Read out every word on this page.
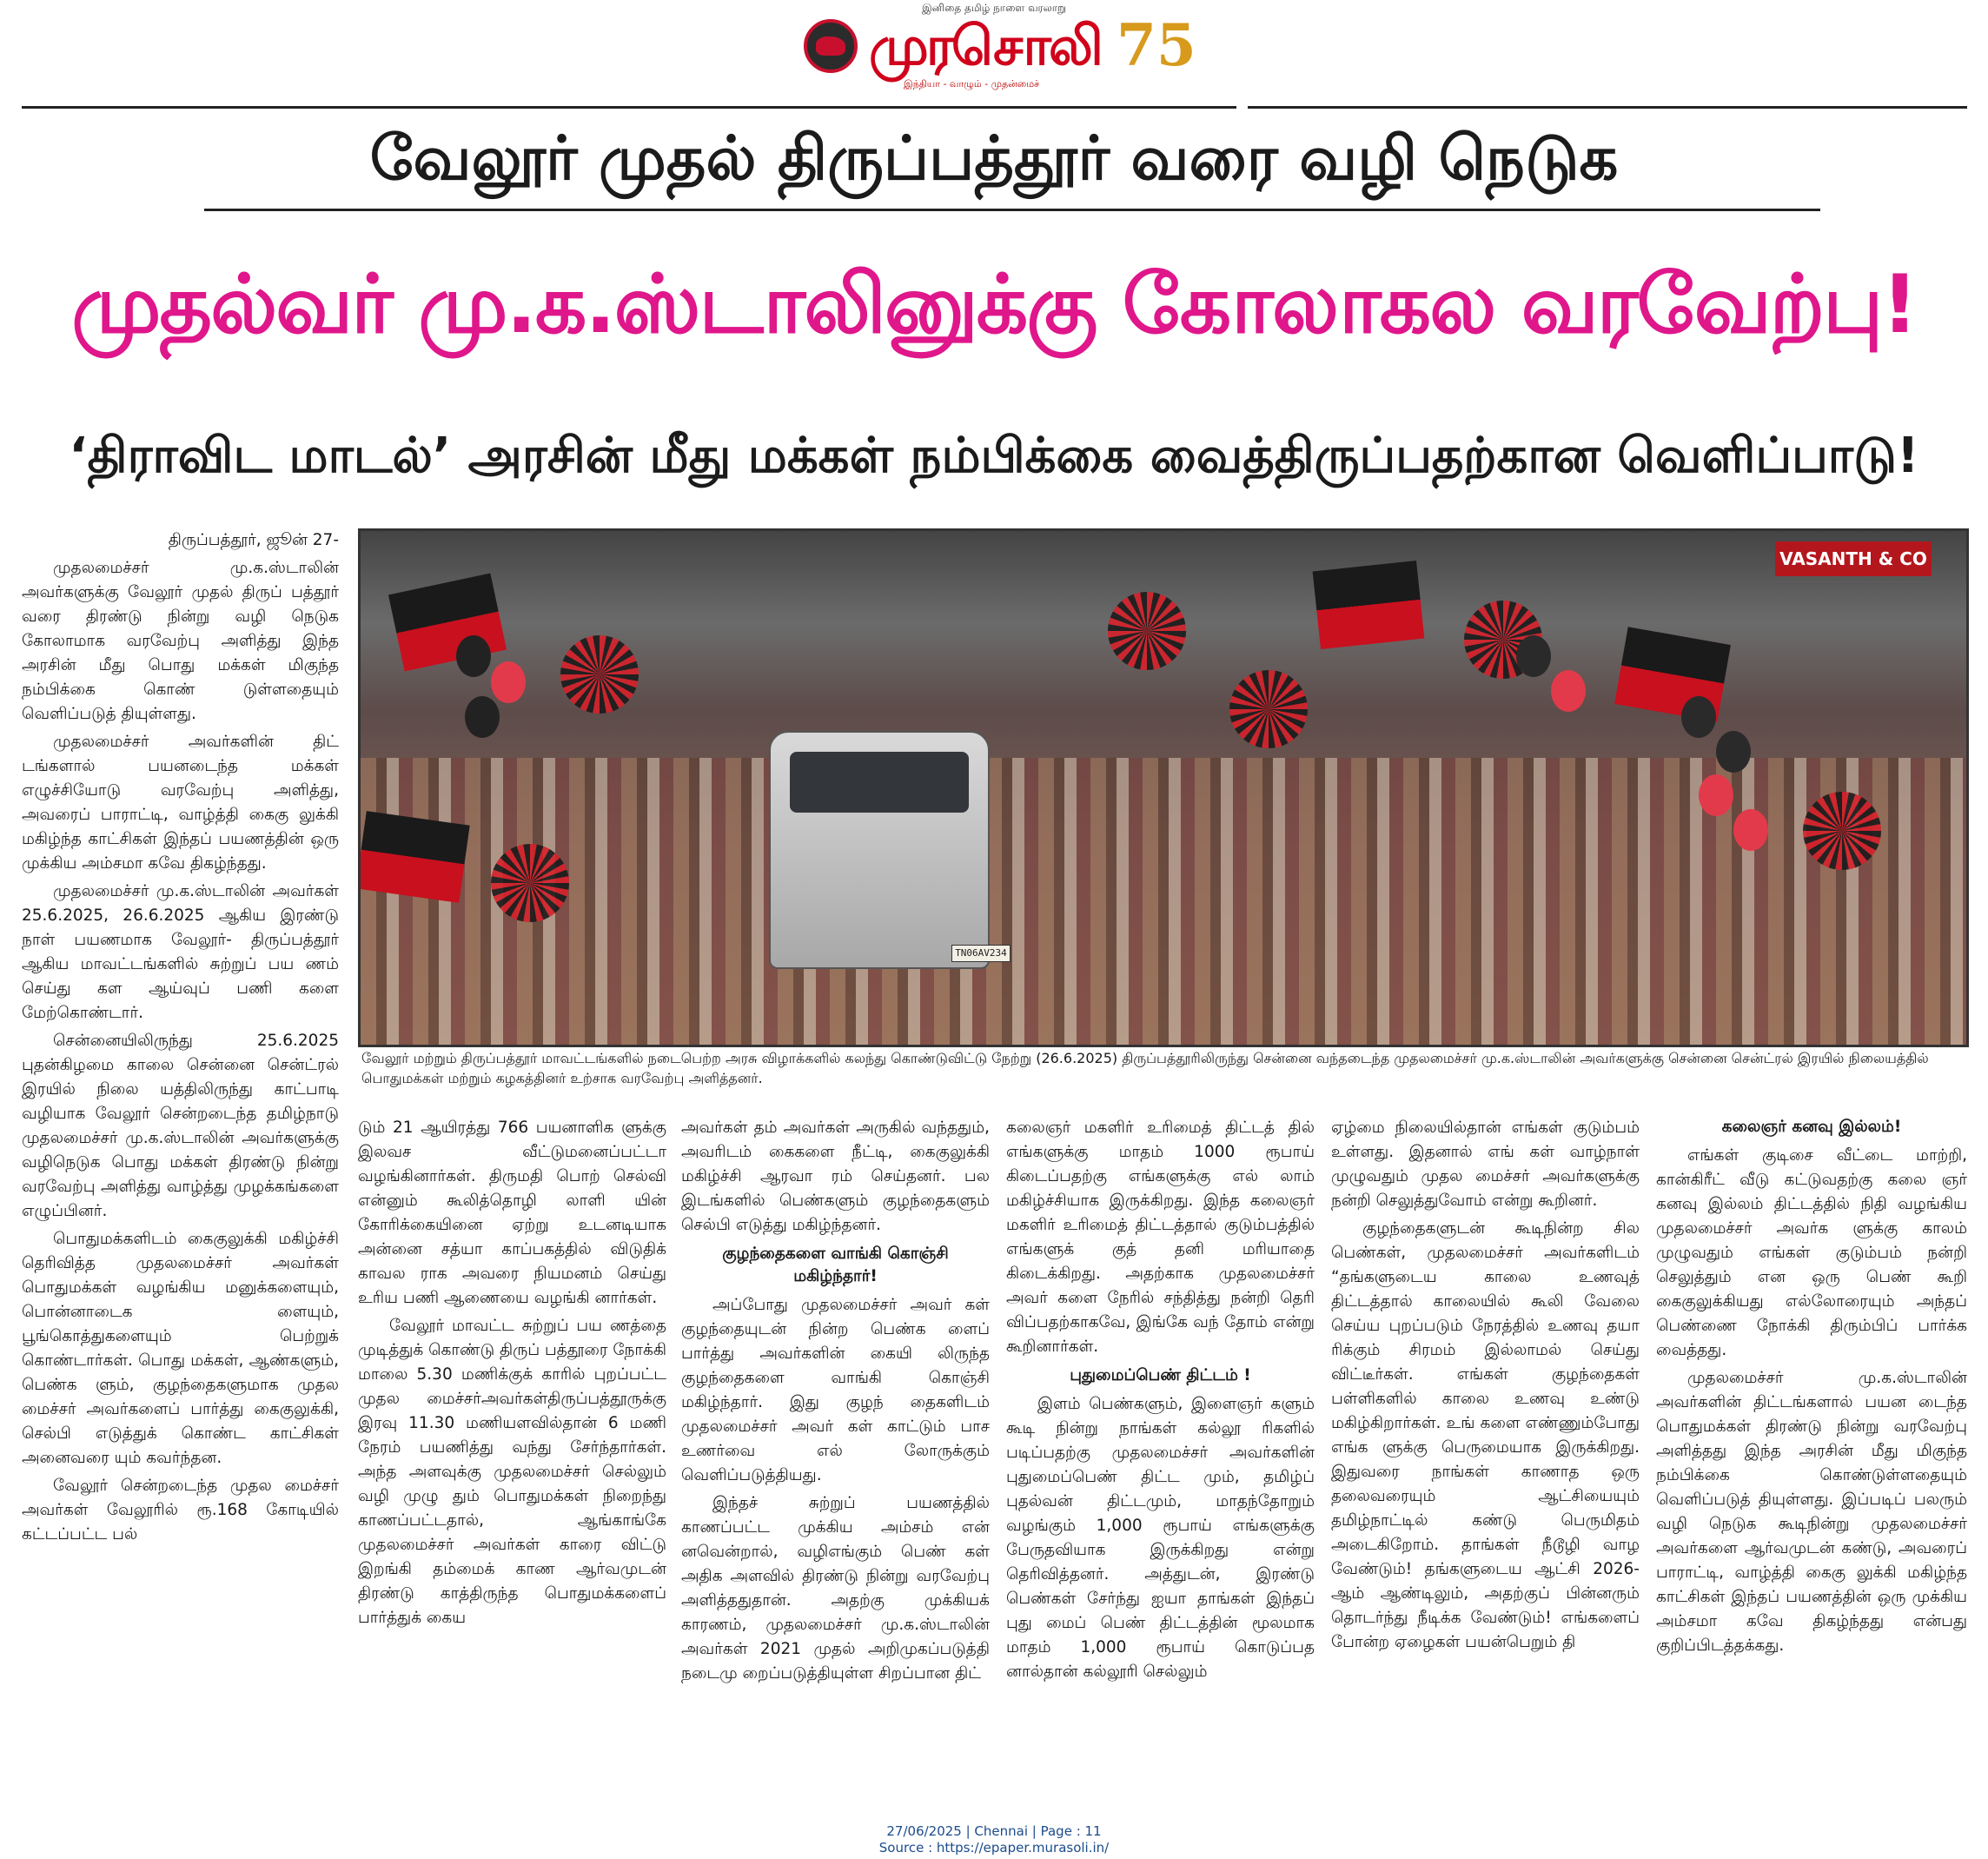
இனிதை தமிழ் நாளை வரலாறு
முரசொலி
இந்தியா - வாழும் - முதன்மைச்
75
வேலூர் முதல் திருப்பத்தூர் வரை வழி நெடுக
முதல்வர் மு.க.ஸ்டாலினுக்கு கோலாகல வரவேற்பு!
‘திராவிட மாடல்’ அரசின் மீது மக்கள் நம்பிக்கை வைத்திருப்பதற்கான வெளிப்பாடு!
TN06AV234
VASANTH & CO
வேலூர் மற்றும் திருப்பத்தூர் மாவட்டங்களில் நடைபெற்ற அரசு விழாக்களில் கலந்து கொண்டுவிட்டு நேற்று (26.6.2025) திருப்பத்தூரிலிருந்து சென்னை வந்தடைந்த முதலமைச்சர் மு.க.ஸ்டாலின் அவர்களுக்கு சென்னை சென்ட்ரல் இரயில் நிலையத்தில் பொதுமக்கள் மற்றும் கழகத்தினர் உற்சாக வரவேற்பு அளித்தனர்.

திருப்பத்தூர், ஜூன் 27-

முதலமைச்சர் மு.க.ஸ்டாலின் அவர்களுக்கு வேலூர் முதல் திருப் பத்தூர் வரை திரண்டு நின்று வழி நெடுக கோலாமாக வரவேற்பு அளித்து இந்த அரசின் மீது பொது மக்கள் மிகுந்த நம்பிக்கை கொண் டுள்ளதையும் வெளிப்படுத் தியுள்ளது.

முதலமைச்சர் அவர்களின் திட் டங்களால் பயனடைந்த மக்கள் எழுச்சியோடு வரவேற்பு அளித்து, அவரைப் பாராட்டி, வாழ்த்தி கைகு லுக்கி மகிழ்ந்த காட்சிகள் இந்தப் பயணத்தின் ஒரு முக்கிய அம்சமா கவே திகழ்ந்தது.

முதலமைச்சர் மு.க.ஸ்டாலின் அவர்கள் 25.6.2025, 26.6.2025 ஆகிய இரண்டு நாள் பயணமாக வேலூர்- திருப்பத்தூர் ஆகிய மாவட்டங்களில் சுற்றுப் பய ணம் செய்து கள ஆய்வுப் பணி களை மேற்கொண்டார்.

சென்னையிலிருந்து 25.6.2025 புதன்கிழமை காலை சென்னை சென்ட்ரல் இரயில் நிலை யத்திலிருந்து காட்பாடி வழியாக வேலூர் சென்றடைந்த தமிழ்நாடு முதலமைச்சர் மு.க.ஸ்டாலின் அவர்களுக்கு வழிநெடுக பொது மக்கள் திரண்டு நின்று வரவேற்பு அளித்து வாழ்த்து முழக்கங்களை எழுப்பினர்.

பொதுமக்களிடம் கைகுலுக்கி மகிழ்ச்சி தெரிவித்த முதலமைச்சர் அவர்கள் பொதுமக்கள் வழங்கிய மனுக்களையும், பொன்னாடைக ளையும், பூங்கொத்துகளையும் பெற்றுக் கொண்டார்கள். பொது மக்கள், ஆண்களும், பெண்க ளும், குழந்தைகளுமாக முதல மைச்சர் அவர்களைப் பார்த்து கைகுலுக்கி, செல்பி எடுத்துக் கொண்ட காட்சிகள் அனைவரை யும் கவர்ந்தன.

வேலூர் சென்றடைந்த முதல மைச்சர் அவர்கள் வேலூரில் ரூ.168 கோடியில் கட்டப்பட்ட பல்

டும் 21 ஆயிரத்து 766 பயனாளிக ளுக்கு இலவச வீட்டுமனைப்பட்டா வழங்கினார்கள். திருமதி பொற் செல்வி என்னும் கூலித்தொழி லாளி யின் கோரிக்கையினை ஏற்று உடனடியாக அன்னை சத்யா காப்பகத்தில் விடுதிக் காவல ராக அவரை நியமனம் செய்து உரிய பணி ஆணையை வழங்கி னார்கள்.

வேலூர் மாவட்ட சுற்றுப் பய ணத்தை முடித்துக் கொண்டு திருப் பத்தூரை நோக்கி மாலை 5.30 மணிக்குக் காரில் புறப்பட்ட முதல மைச்சர்அவர்கள்திருப்பத்தூருக்கு இரவு 11.30 மணியளவில்தான் 6 மணி நேரம் பயணித்து வந்து சேர்ந்தார்கள். அந்த அளவுக்கு முதலமைச்சர் செல்லும் வழி முழு தும் பொதுமக்கள் நிறைந்து காணப்பட்டதால், ஆங்காங்கே முதலமைச்சர் அவர்கள் காரை விட்டு இறங்கி தம்மைக் காண ஆர்வமுடன் திரண்டு காத்திருந்த பொதுமக்களைப் பார்த்துக் கைய

அவர்கள் தம் அவர்கள் அருகில் வந்ததும், அவரிடம் கைகளை நீட்டி, கைகுலுக்கி மகிழ்ச்சி ஆரவா ரம் செய்தனர். பல இடங்களில் பெண்களும் குழந்தைகளும் செல்பி எடுத்து மகிழ்ந்தனர்.

குழந்தைகளை வாங்கி கொஞ்சி மகிழ்ந்தார்!

அப்போது முதலமைச்சர் அவர் கள் குழந்தையுடன் நின்ற பெண்க ளைப் பார்த்து அவர்களின் கையி லிருந்த குழந்தைகளை வாங்கி கொஞ்சி மகிழ்ந்தார். இது குழந் தைகளிடம் முதலமைச்சர் அவர் கள் காட்டும் பாச உணர்வை எல் லோருக்கும் வெளிப்படுத்தியது.

இந்தச் சுற்றுப் பயணத்தில் காணப்பட்ட முக்கிய அம்சம் என் னவென்றால், வழிஎங்கும் பெண் கள் அதிக அளவில் திரண்டு நின்று வரவேற்பு அளித்ததுதான். அதற்கு முக்கியக் காரணம், முதலமைச்சர் மு.க.ஸ்டாலின் அவர்கள் 2021 முதல் அறிமுகப்படுத்தி நடைமு றைப்படுத்தியுள்ள சிறப்பான திட்

கலைஞர் மகளிர் உரிமைத் திட்டத் தில் எங்களுக்கு மாதம் 1000 ரூபாய் கிடைப்பதற்கு எங்களுக்கு எல் லாம் மகிழ்ச்சியாக இருக்கிறது. இந்த கலைஞர் மகளிர் உரிமைத் திட்டத்தால் குடும்பத்தில் எங்களுக் குத் தனி மரியாதை கிடைக்கிறது. அதற்காக முதலமைச்சர் அவர் களை நேரில் சந்தித்து நன்றி தெரி விப்பதற்காகவே, இங்கே வந் தோம் என்று கூறினார்கள்.

புதுமைப்பெண் திட்டம் !

இளம் பெண்களும், இளைஞர் களும் கூடி நின்று நாங்கள் கல்லூ ரிகளில் படிப்பதற்கு முதலமைச்சர் அவர்களின் புதுமைப்பெண் திட்ட மும், தமிழ்ப் புதல்வன் திட்டமும், மாதந்தோறும் வழங்கும் 1,000 ரூபாய் எங்களுக்கு பேருதவியாக இருக்கிறது என்று தெரிவித்தனர். அத்துடன், இரண்டு பெண்கள் சேர்ந்து ஐயா தாங்கள் இந்தப் புது மைப் பெண் திட்டத்தின் மூலமாக மாதம் 1,000 ரூபாய் கொடுப்பத னால்தான் கல்லூரி செல்லும்

ஏழ்மை நிலையில்தான் எங்கள் குடும்பம் உள்ளது. இதனால் எங் கள் வாழ்நாள் முழுவதும் முதல மைச்சர் அவர்களுக்கு நன்றி செலுத்துவோம் என்று கூறினர்.

குழந்தைகளுடன் கூடிநின்ற சில பெண்கள், முதலமைச்சர் அவர்களிடம் “தங்களுடைய காலை உணவுத் திட்டத்தால் காலையில் கூலி வேலை செய்ய புறப்படும் நேரத்தில் உணவு தயா ரிக்கும் சிரமம் இல்லாமல் செய்து விட்டீர்கள். எங்கள் குழந்தைகள் பள்ளிகளில் காலை உணவு உண்டு மகிழ்கிறார்கள். உங் களை எண்ணும்போது எங்க ளுக்கு பெருமையாக இருக்கிறது. இதுவரை நாங்கள் காணாத ஒரு தலைவரையும் ஆட்சியையும் தமிழ்நாட்டில் கண்டு பெருமிதம் அடைகிறோம். தாங்கள் நீடூழி வாழ வேண்டும்! தங்களுடைய ஆட்சி 2026-ஆம் ஆண்டிலும், அதற்குப் பின்னரும் தொடர்ந்து நீடிக்க வேண்டும்! எங்களைப் போன்ற ஏழைகள் பயன்பெறும் தி

கலைஞர் கனவு இல்லம்!

எங்கள் குடிசை வீட்டை மாற்றி, கான்கிரீட் வீடு கட்டுவதற்கு கலை ஞர் கனவு இல்லம் திட்டத்தில் நிதி வழங்கிய முதலமைச்சர் அவர்க ளுக்கு காலம் முழுவதும் எங்கள் குடும்பம் நன்றி செலுத்தும் என ஒரு பெண் கூறி கைகுலுக்கியது எல்லோரையும் அந்தப் பெண்ணை நோக்கி திரும்பிப் பார்க்க வைத்தது.

முதலமைச்சர் மு.க.ஸ்டாலின் அவர்களின் திட்டங்களால் பயன டைந்த பொதுமக்கள் திரண்டு நின்று வரவேற்பு அளித்தது இந்த அரசின் மீது மிகுந்த நம்பிக்கை கொண்டுள்ளதையும் வெளிப்படுத் தியுள்ளது. இப்படிப் பலரும் வழி நெடுக கூடிநின்று முதலமைச்சர் அவர்களை ஆர்வமுடன் கண்டு, அவரைப் பாராட்டி, வாழ்த்தி கைகு லுக்கி மகிழ்ந்த காட்சிகள் இந்தப் பயணத்தின் ஒரு முக்கிய அம்சமா கவே திகழ்ந்தது என்பது குறிப்பிடத்தக்கது.

27/06/2025 | Chennai | Page : 11
Source : https://epaper.murasoli.in/
